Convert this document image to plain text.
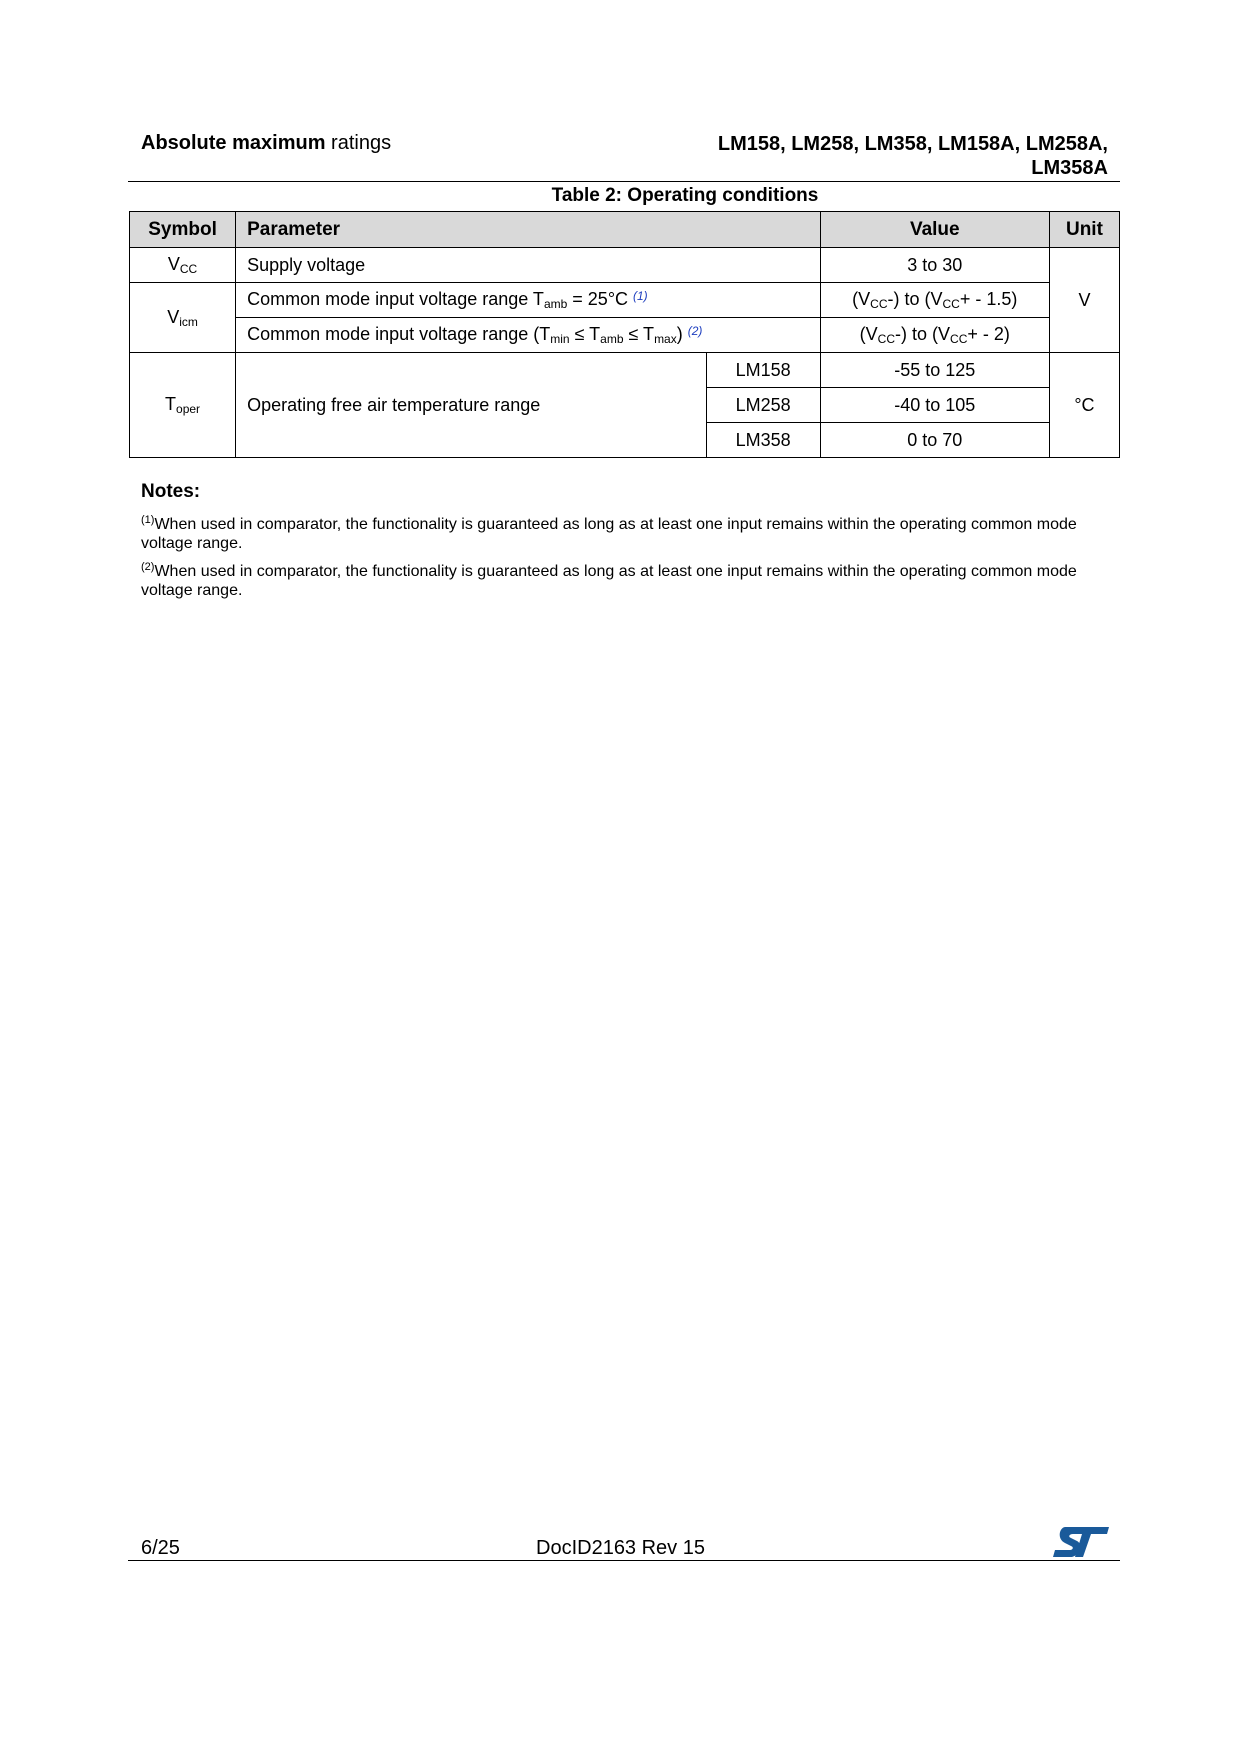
Absolute maximum ratings	LM158, LM258, LM358, LM158A, LM258A,
LM358A
Table 2: Operating conditions
Symbol	Parameter		Value	Unit
$V_{CC}$	Supply voltage		3 to 30	V
$V_{icm}$	Common mode input voltage range $T_{amb} = 25^\circ C$ $^{(1)}$		$(V_{CC}-)$ to $(V_{CC}+ - 1.5)$	
	Common mode input voltage range $(T_{min} \le T_{amb} \le T_{max})$ $^{(2)}$		$(V_{CC}-)$ to $(V_{CC}+ - 2)$	
$T_{oper}$	Operating free air temperature range	LM158	-55 to 125	°C
		LM258	-40 to 105	
		LM358	0 to 70	
Notes:
$^{(1)}$When used in comparator, the functionality is guaranteed as long as at least one input remains within the operating common mode voltage range.
$^{(2)}$When used in comparator, the functionality is guaranteed as long as at least one input remains within the operating common mode voltage range.
6/25	DocID2163 Rev 15
